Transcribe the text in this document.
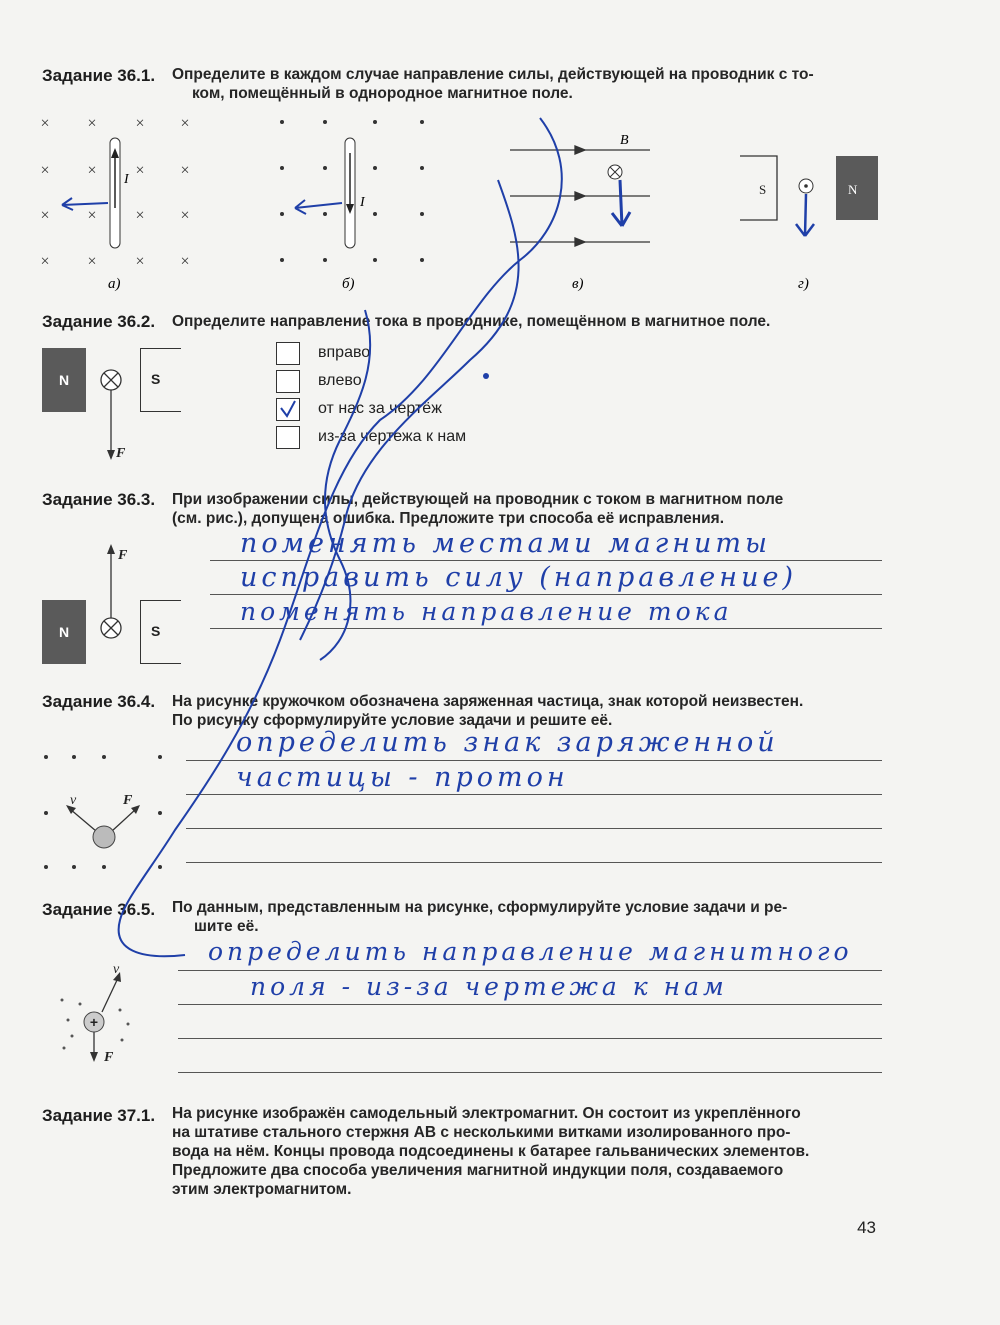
Задание 36.1. Определите в каждом случае направление силы, действующей на проводник с то-
ком, помещённый в однородное магнитное поле.
× × × ×
× × × ×
× × × ×
× × × ×
I
а)
I
б)
B
в)
S	N
г)
Задание 36.2. Определите направление тока в проводнике, помещённом в магнитное поле.
N	S
F
вправо
влево
от нас за чертёж
из-за чертежа к нам
Задание 36.3. При изображении силы, действующей на проводник с током в магнитном поле
(см. рис.), допущена ошибка. Предложите три способа её исправления.
N	S
F	поменять местами магниты
исправить силу (направление)
поменять направление тока
Задание 36.4. На рисунке кружочком обозначена заряженная частица, знак которой неизвестен.
По рисунку сформулируйте условие задачи и решите её.
v	F
определить знак заряженной
частицы - протон
Задание 36.5. По данным, представленным на рисунке, сформулируйте условие задачи и ре-
шите её.
+
v
F
определить направление магнитного
поля - из-за чертежа к нам
Задание 37.1. На рисунке изображён самодельный электромагнит. Он состоит из укреплённого
на штативе стального стержня AB с несколькими витками изолированного про-
вода на нём. Концы провода подсоединены к батарее гальванических элементов.
Предложите два способа увеличения магнитной индукции поля, создаваемого
этим электромагнитом.
43
